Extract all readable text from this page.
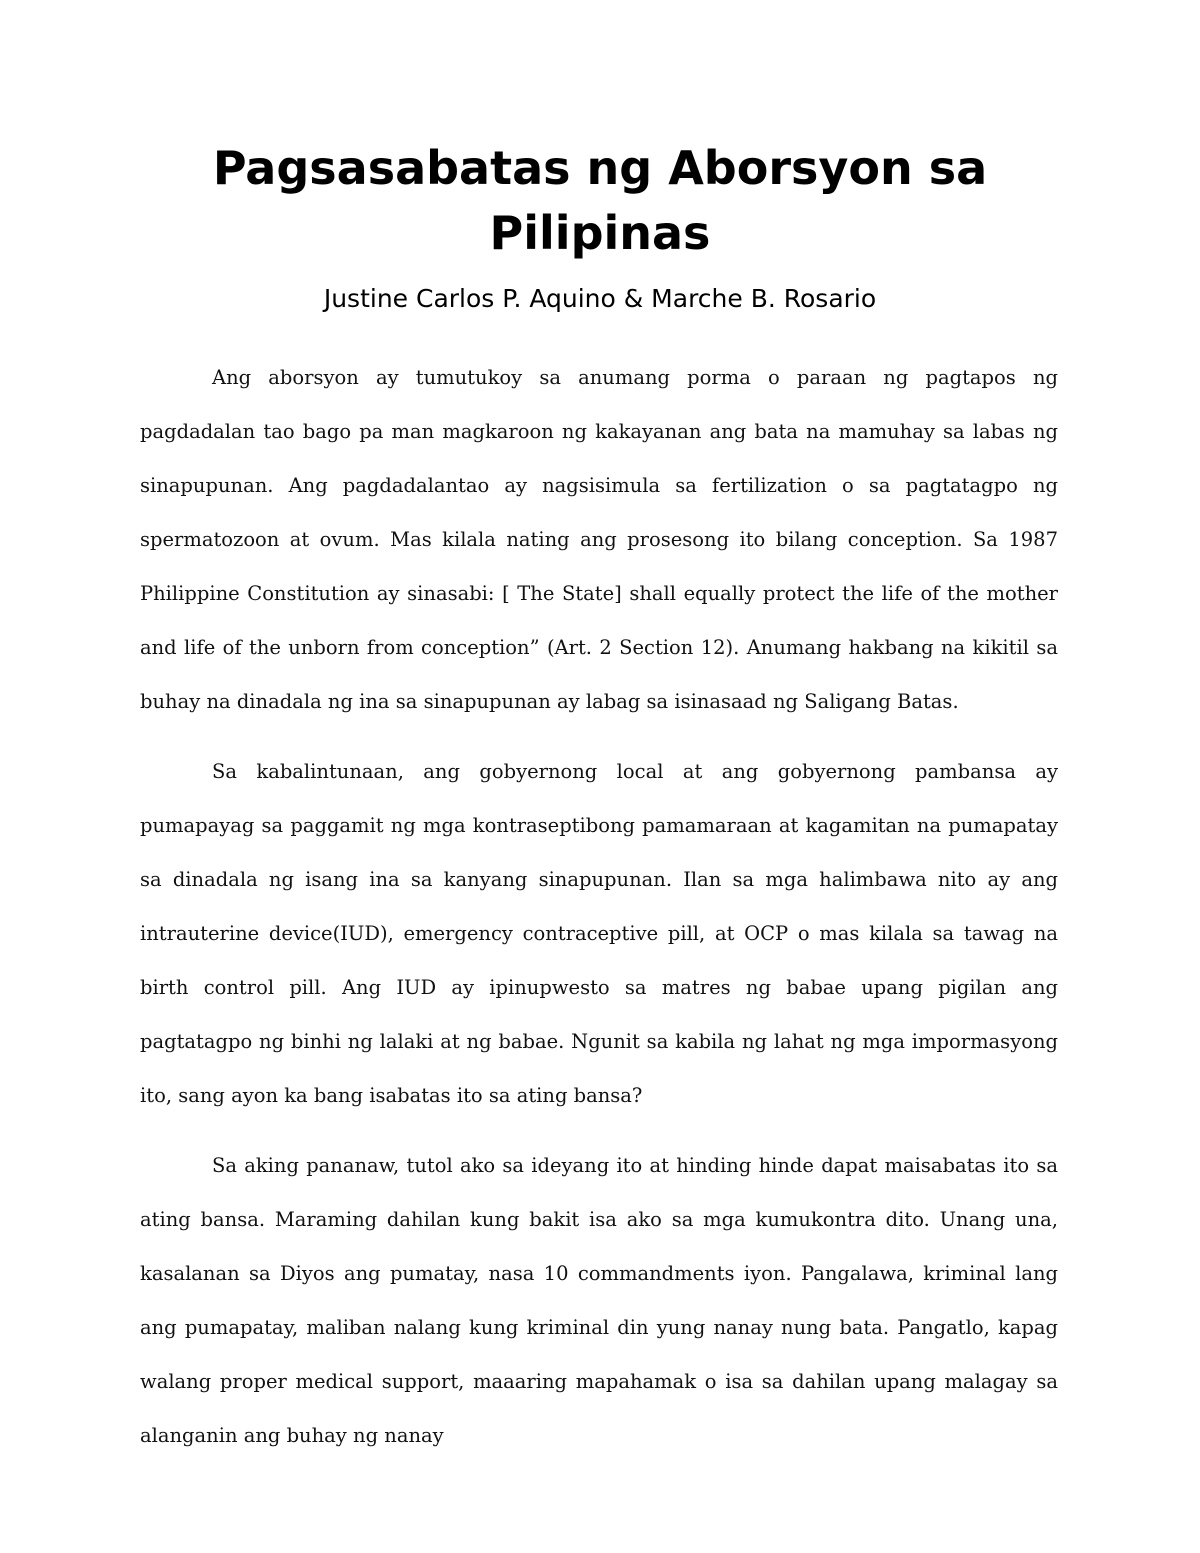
Pagsasabatas ng Aborsyon sa Pilipinas
Justine Carlos P. Aquino & Marche B. Rosario

Ang aborsyon ay tumutukoy sa anumang porma o paraan ng pagtapos ng pagdadalan tao bago pa man magkaroon ng kakayanan ang bata na mamuhay sa labas ng sinapupunan. Ang pagdadalantao ay nagsisimula sa fertilization o sa pagtatagpo ng spermatozoon at ovum. Mas kilala nating ang prosesong ito bilang conception. Sa 1987 Philippine Constitution ay sinasabi: [ The State] shall equally protect the life of the mother and life of the unborn from conception” (Art. 2 Section 12). Anumang hakbang na kikitil sa buhay na dinadala ng ina sa sinapupunan ay labag sa isinasaad ng Saligang Batas.

Sa kabalintunaan, ang gobyernong local at ang gobyernong pambansa ay pumapayag sa paggamit ng mga kontraseptibong pamamaraan at kagamitan na pumapatay sa dinadala ng isang ina sa kanyang sinapupunan. Ilan sa mga halimbawa nito ay ang intrauterine device(IUD), emergency contraceptive pill, at OCP o mas kilala sa tawag na birth control pill. Ang IUD ay ipinupwesto sa matres ng babae upang pigilan ang pagtatagpo ng binhi ng lalaki at ng babae. Ngunit sa kabila ng lahat ng mga impormasyong ito, sang ayon ka bang isabatas ito sa ating bansa?

Sa aking pananaw, tutol ako sa ideyang ito at hinding hinde dapat maisabatas ito sa ating bansa. Maraming dahilan kung bakit isa ako sa mga kumukontra dito. Unang una, kasalanan sa Diyos ang pumatay, nasa 10 commandments iyon. Pangalawa, kriminal lang ang pumapatay, maliban nalang kung kriminal din yung nanay nung bata. Pangatlo, kapag walang proper medical support, maaaring mapahamak o isa sa dahilan upang malagay sa alanganin ang buhay ng nanay
